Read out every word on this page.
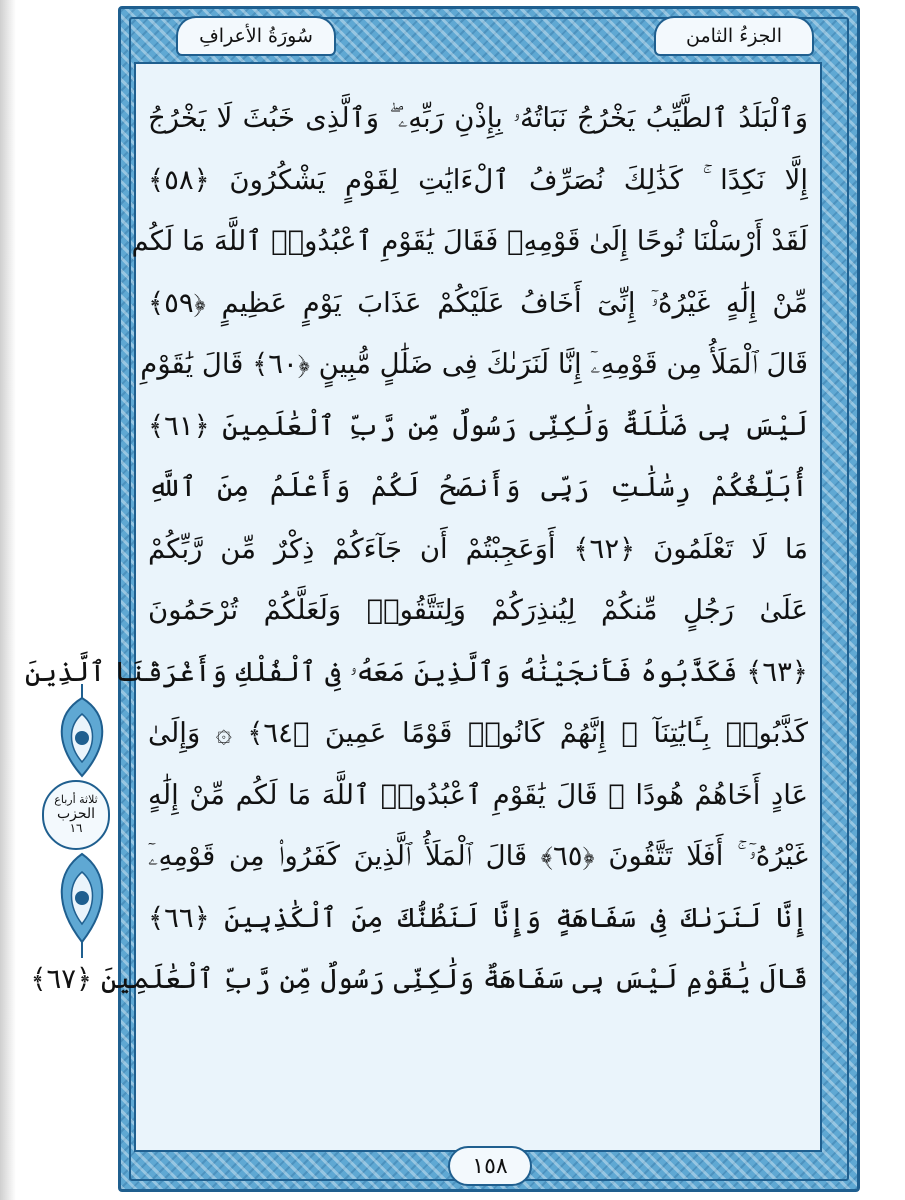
ثلاثة أرباع
الحزب
١٦
سُورَةُ الأعرافِ	الجزءُ الثامن
وَٱلْبَلَدُ ٱلطَّيِّبُ يَخْرُجُ نَبَاتُهُۥ بِإِذْنِ رَبِّهِۦ ۖ وَٱلَّذِى خَبُثَ لَا يَخْرُجُ
إِلَّا نَكِدًا ۚ كَذَٰلِكَ نُصَرِّفُ ٱلْءَايَٰتِ لِقَوْمٍ يَشْكُرُونَ ﴿٥٨﴾
لَقَدْ أَرْسَلْنَا نُوحًا إِلَىٰ قَوْمِهِۦ فَقَالَ يَٰقَوْمِ ٱعْبُدُوا۟ ٱللَّهَ مَا لَكُم
مِّنْ إِلَٰهٍ غَيْرُهُۥٓ إِنِّىٓ أَخَافُ عَلَيْكُمْ عَذَابَ يَوْمٍ عَظِيمٍ ﴿٥٩﴾
قَالَ ٱلْمَلَأُ مِن قَوْمِهِۦٓ إِنَّا لَنَرَىٰكَ فِى ضَلَٰلٍ مُّبِينٍ ﴿٦٠﴾ قَالَ يَٰقَوْمِ
لَيْسَ بِى ضَلَٰلَةٌ وَلَٰكِنِّى رَسُولٌ مِّن رَّبِّ ٱلْعَٰلَمِينَ ﴿٦١﴾
أُبَلِّغُكُمْ رِسَٰلَٰتِ رَبِّى وَأَنصَحُ لَكُمْ وَأَعْلَمُ مِنَ ٱللَّهِ
مَا لَا تَعْلَمُونَ ﴿٦٢﴾ أَوَعَجِبْتُمْ أَن جَآءَكُمْ ذِكْرٌ مِّن رَّبِّكُمْ
عَلَىٰ رَجُلٍ مِّنكُمْ لِيُنذِرَكُمْ وَلِتَتَّقُوا۟ وَلَعَلَّكُمْ تُرْحَمُونَ
﴿٦٣﴾ فَكَذَّبُوهُ فَأَنجَيْنَٰهُ وَٱلَّذِينَ مَعَهُۥ فِى ٱلْفُلْكِ وَأَغْرَقْنَا ٱلَّذِينَ
كَذَّبُوا۟ بِـَٔايَٰتِنَآ ۚ إِنَّهُمْ كَانُوا۟ قَوْمًا عَمِينَ ﴿٦٤﴾ ۞ وَإِلَىٰ
عَادٍ أَخَاهُمْ هُودًا ۗ قَالَ يَٰقَوْمِ ٱعْبُدُوا۟ ٱللَّهَ مَا لَكُم مِّنْ إِلَٰهٍ
غَيْرُهُۥٓ ۚ أَفَلَا تَتَّقُونَ ﴿٦٥﴾ قَالَ ٱلْمَلَأُ ٱلَّذِينَ كَفَرُوا۟ مِن قَوْمِهِۦٓ
إِنَّا لَنَرَىٰكَ فِى سَفَاهَةٍ وَإِنَّا لَنَظُنُّكَ مِنَ ٱلْكَٰذِبِينَ ﴿٦٦﴾
قَالَ يَٰقَوْمِ لَيْسَ بِى سَفَاهَةٌ وَلَٰكِنِّى رَسُولٌ مِّن رَّبِّ ٱلْعَٰلَمِينَ ﴿٦٧﴾
١٥٨
